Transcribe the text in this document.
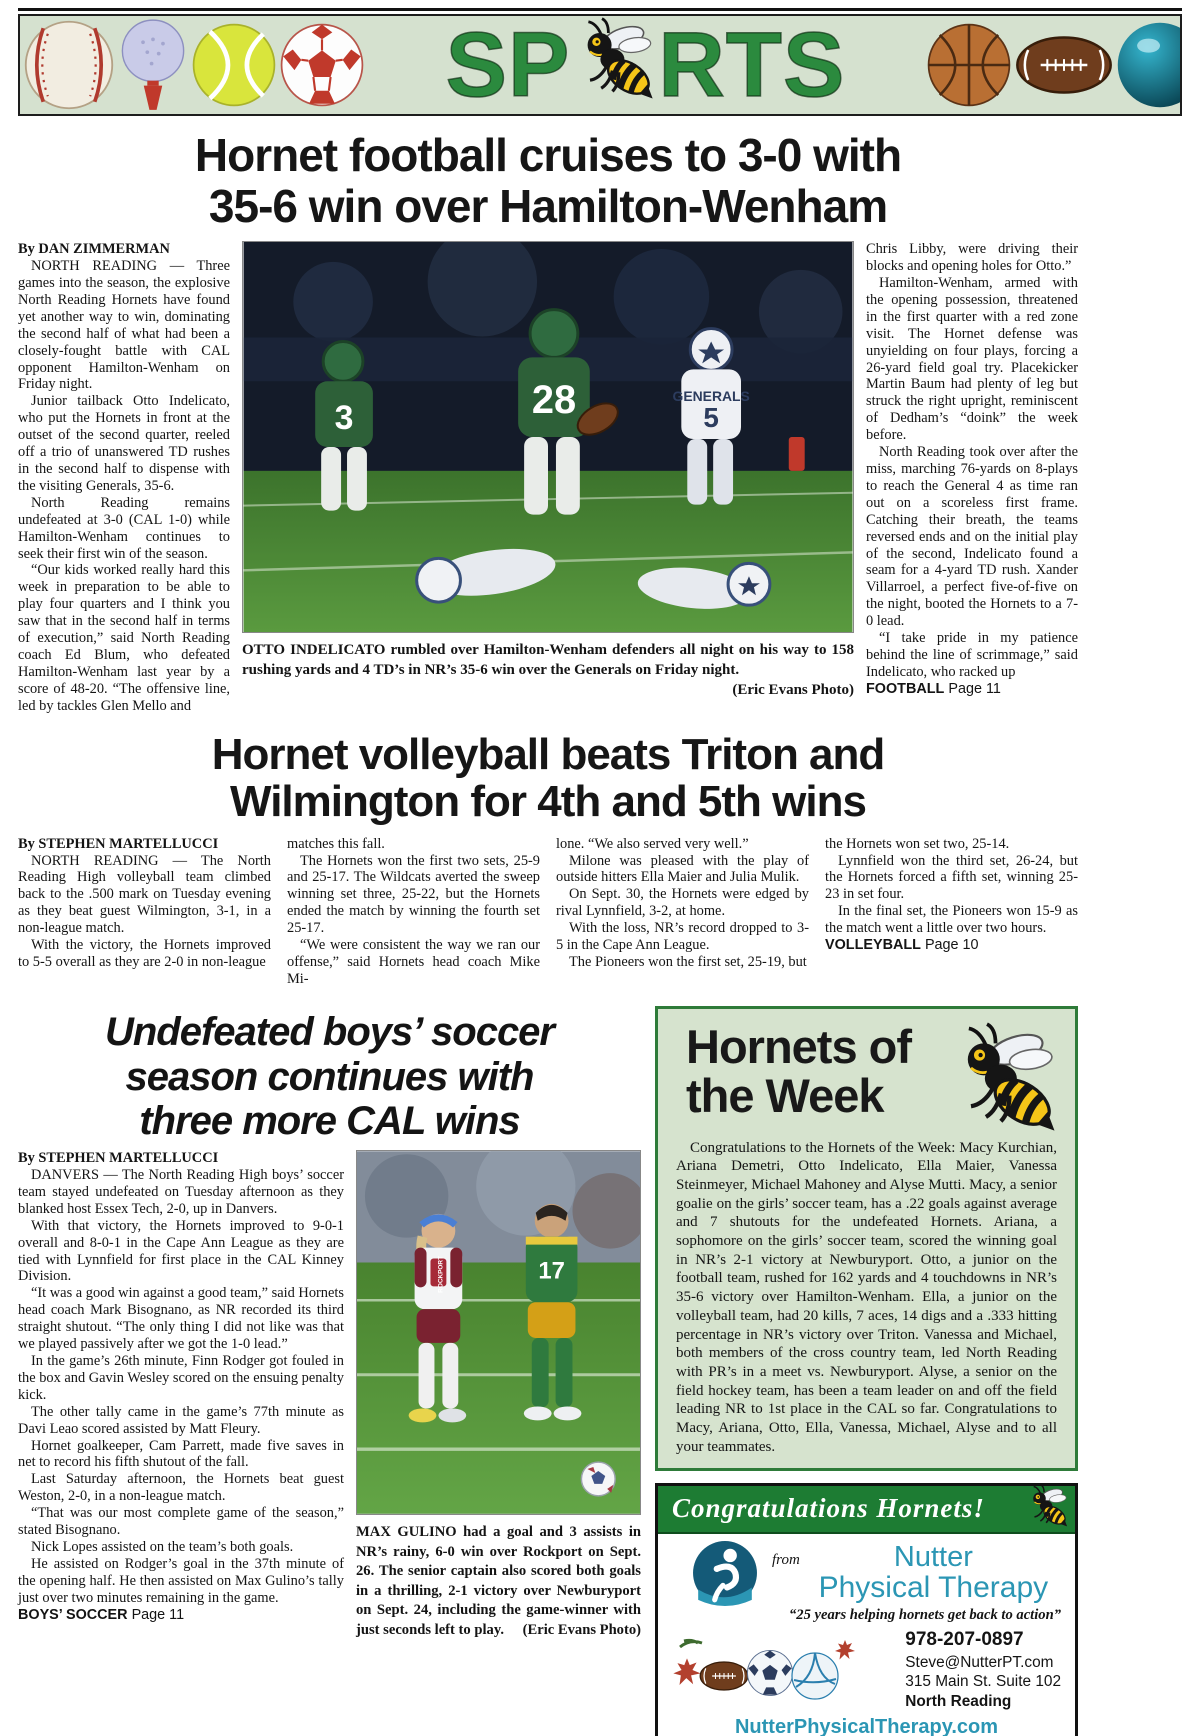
SP RTS
Hornet football cruises to 3-0 with
35-6 win over Hamilton-Wenham

By DAN ZIMMERMAN

NORTH READING — Three games into the season, the explosive North Reading Hornets have found yet another way to win, dominating the second half of what had been a closely-fought battle with CAL opponent Hamilton-Wenham on Friday night.

Junior tailback Otto Indelicato, who put the Hornets in front at the outset of the second quarter, reeled off a trio of unanswered TD rushes in the second half to dispense with the visiting Generals, 35-6.

North Reading remains undefeated at 3-0 (CAL 1-0) while Hamilton-Wenham continues to seek their first win of the season.

“Our kids worked really hard this week in preparation to be able to play four quarters and I think you saw that in the second half in terms of execution,” said North Reading coach Ed Blum, who defeated Hamilton-Wenham last year by a score of 48-20. “The offensive line, led by tackles Glen Mello and

3	28	GENERALS
5
OTTO INDELICATO rumbled over Hamilton-Wenham defenders all night on his way to 158 rushing yards and 4 TD’s in NR’s 35-6 win over the Generals on Friday night.
(Eric Evans Photo)

Chris Libby, were driving their blocks and opening holes for Otto.”

Hamilton-Wenham, armed with the opening possession, threatened in the first quarter with a red zone visit. The Hornet defense was unyielding on four plays, forcing a 26-yard field goal try. Placekicker Martin Baum had plenty of leg but struck the right upright, reminiscent of Dedham’s “doink” the week before.

North Reading took over after the miss, marching 76-yards on 8-plays to reach the General 4 as time ran out on a scoreless first frame. Catching their breath, the teams reversed ends and on the initial play of the second, Indelicato found a seam for a 4-yard TD rush. Xander Villarroel, a perfect five-of-five on the night, booted the Hornets to a 7-0 lead.

“I take pride in my patience behind the line of scrimmage,” said Indelicato, who racked up

FOOTBALL Page 11

Hornet volleyball beats Triton and
Wilmington for 4th and 5th wins

By STEPHEN MARTELLUCCI

NORTH READING — The North Reading High volleyball team climbed back to the .500 mark on Tuesday evening as they beat guest Wilmington, 3-1, in a non-league match.

With the victory, the Hornets improved to 5-5 overall as they are 2-0 in non-league

matches this fall.

The Hornets won the first two sets, 25-9 and 25-17. The Wildcats averted the sweep winning set three, 25-22, but the Hornets ended the match by winning the fourth set 25-17.

“We were consistent the way we ran our offense,” said Hornets head coach Mike Mi-

lone. “We also served very well.”

Milone was pleased with the play of outside hitters Ella Maier and Julia Mulik.

On Sept. 30, the Hornets were edged by rival Lynnfield, 3-2, at home.

With the loss, NR’s record dropped to 3-5 in the Cape Ann League.

The Pioneers won the first set, 25-19, but

the Hornets won set two, 25-14.

Lynnfield won the third set, 26-24, but the Hornets forced a fifth set, winning 25-23 in set four.

In the final set, the Pioneers won 15-9 as the match went a little over two hours.

VOLLEYBALL Page 10

Undefeated boys’ soccer
season continues with
three more CAL wins

By STEPHEN MARTELLUCCI

DANVERS — The North Reading High boys’ soccer team stayed undefeated on Tuesday afternoon as they blanked host Essex Tech, 2-0, up in Danvers.

With that victory, the Hornets improved to 9-0-1 overall and 8-0-1 in the Cape Ann League as they are tied with Lynnfield for first place in the CAL Kinney Division.

“It was a good win against a good team,” said Hornets head coach Mark Bisognano, as NR recorded its third straight shutout. “The only thing I did not like was that we played passively after we got the 1-0 lead.”

In the game’s 26th minute, Finn Rodger got fouled in the box and Gavin Wesley scored on the ensuing penalty kick.

The other tally came in the game’s 77th minute as Davi Leao scored assisted by Matt Fleury.

Hornet goalkeeper, Cam Parrett, made five saves in net to record his fifth shutout of the fall.

Last Saturday afternoon, the Hornets beat guest Weston, 2-0, in a non-league match.

“That was our most complete game of the season,” stated Bisognano.

Nick Lopes assisted on the team’s both goals.

He assisted on Rodger’s goal in the 37th minute of the opening half. He then assisted on Max Gulino’s tally just over two minutes remaining in the game.

BOYS’ SOCCER Page 11

ROCKPORT	17
MAX GULINO had a goal and 3 assists in NR’s rainy, 6-0 win over Rockport on Sept. 26. The senior captain also scored both goals in a thrilling, 2-1 victory over Newburyport on Sept. 24, including the game-winner with just seconds left to play. (Eric Evans Photo)
Hornets of
the Week

Congratulations to the Hornets of the Week: Macy Kurchian, Ariana Demetri, Otto Indelicato, Ella Maier, Vanessa Steinmeyer, Michael Mahoney and Alyse Mutti. Macy, a senior goalie on the girls’ soccer team, has a .22 goals against average and 7 shutouts for the undefeated Hornets. Ariana, a sophomore on the girls’ soccer team, scored the winning goal in NR’s 2-1 victory at Newburyport. Otto, a junior on the football team, rushed for 162 yards and 4 touchdowns in NR’s 35-6 victory over Hamilton-Wenham. Ella, a junior on the volleyball team, had 20 kills, 7 aces, 14 digs and a .333 hitting percentage in NR’s victory over Triton. Vanessa and Michael, both members of the cross country team, led North Reading with PR’s in a meet vs. Newburyport. Alyse, a senior on the field hockey team, has been a team leader on and off the field leading NR to 1st place in the CAL so far. Congratulations to Macy, Ariana, Otto, Ella, Vanessa, Michael, Alyse and to all your teammates.

Congratulations Hornets!
from	Nutter
Physical Therapy
“25 years helping hornets get back to action”
978-207-0897
Steve@NutterPT.com
315 Main St. Suite 102
North Reading
NutterPhysicalTherapy.com
